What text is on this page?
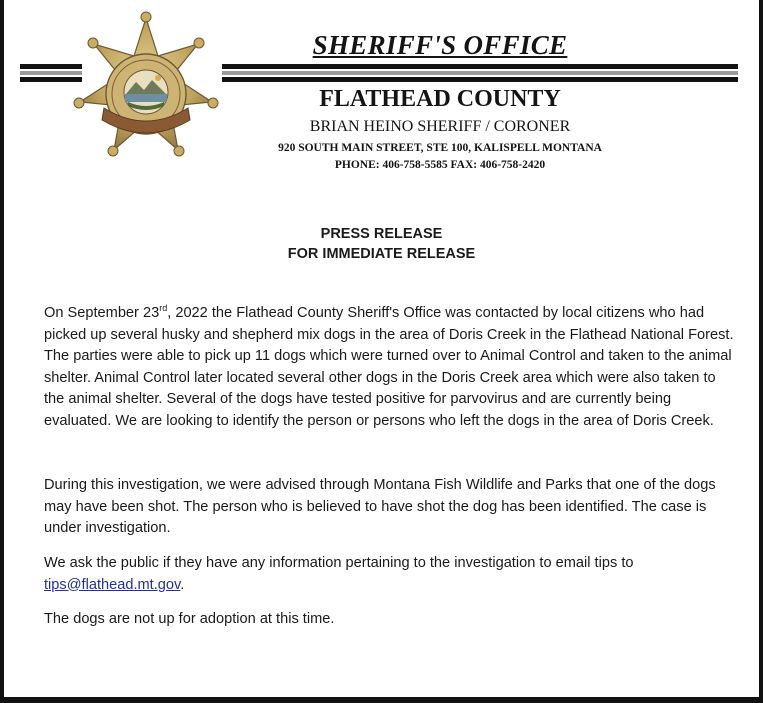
SHERIFF'S OFFICE
FLATHEAD COUNTY
BRIAN HEINO SHERIFF / CORONER
920 SOUTH MAIN STREET, STE 100, KALISPELL MONTANA
PHONE: 406-758-5585 FAX: 406-758-2420
PRESS RELEASE
FOR IMMEDIATE RELEASE

On September 23rd, 2022 the Flathead County Sheriff's Office was contacted by local citizens who had picked up several husky and shepherd mix dogs in the area of Doris Creek in the Flathead National Forest. The parties were able to pick up 11 dogs which were turned over to Animal Control and taken to the animal shelter. Animal Control later located several other dogs in the Doris Creek area which were also taken to the animal shelter. Several of the dogs have tested positive for parvovirus and are currently being evaluated. We are looking to identify the person or persons who left the dogs in the area of Doris Creek.

During this investigation, we were advised through Montana Fish Wildlife and Parks that one of the dogs may have been shot. The person who is believed to have shot the dog has been identified. The case is under investigation.

We ask the public if they have any information pertaining to the investigation to email tips to tips@flathead.mt.gov.

The dogs are not up for adoption at this time.
